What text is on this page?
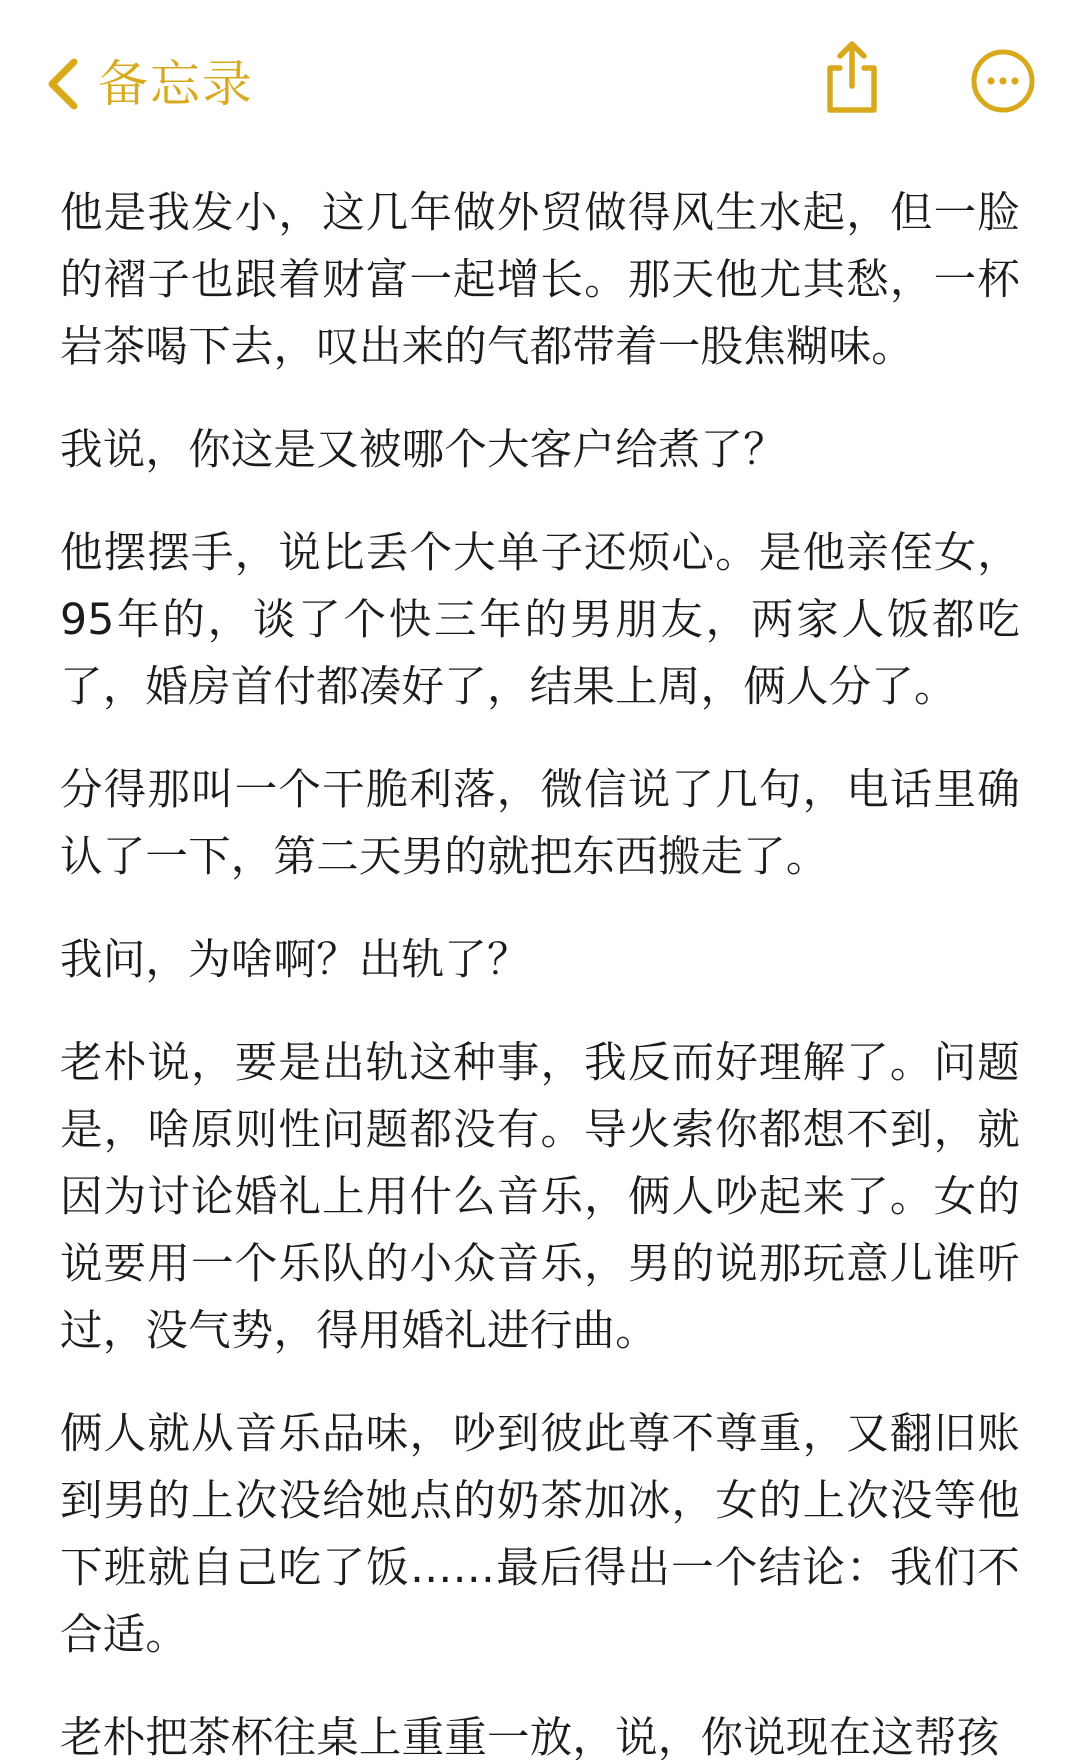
备忘录

他是我发小，这几年做外贸做得风生水起，但一脸的褶子也跟着财富一起增长。那天他尤其愁，一杯岩茶喝下去，叹出来的气都带着一股焦糊味。

我说，你这是又被哪个大客户给煮了？

他摆摆手，说比丢个大单子还烦心。是他亲侄女，95年的，谈了个快三年的男朋友，两家人饭都吃了，婚房首付都凑好了，结果上周，俩人分了。

分得那叫一个干脆利落，微信说了几句，电话里确认了一下，第二天男的就把东西搬走了。

我问，为啥啊？出轨了？

老朴说，要是出轨这种事，我反而好理解了。问题是，啥原则性问题都没有。导火索你都想不到，就因为讨论婚礼上用什么音乐，俩人吵起来了。女的说要用一个乐队的小众音乐，男的说那玩意儿谁听过，没气势，得用婚礼进行曲。

俩人就从音乐品味，吵到彼此尊不尊重，又翻旧账到男的上次没给她点的奶茶加冰，女的上次没等他下班就自己吃了饭……最后得出一个结论：我们不合适。

老朴把茶杯往桌上重重一放，说，你说现在这帮孩
